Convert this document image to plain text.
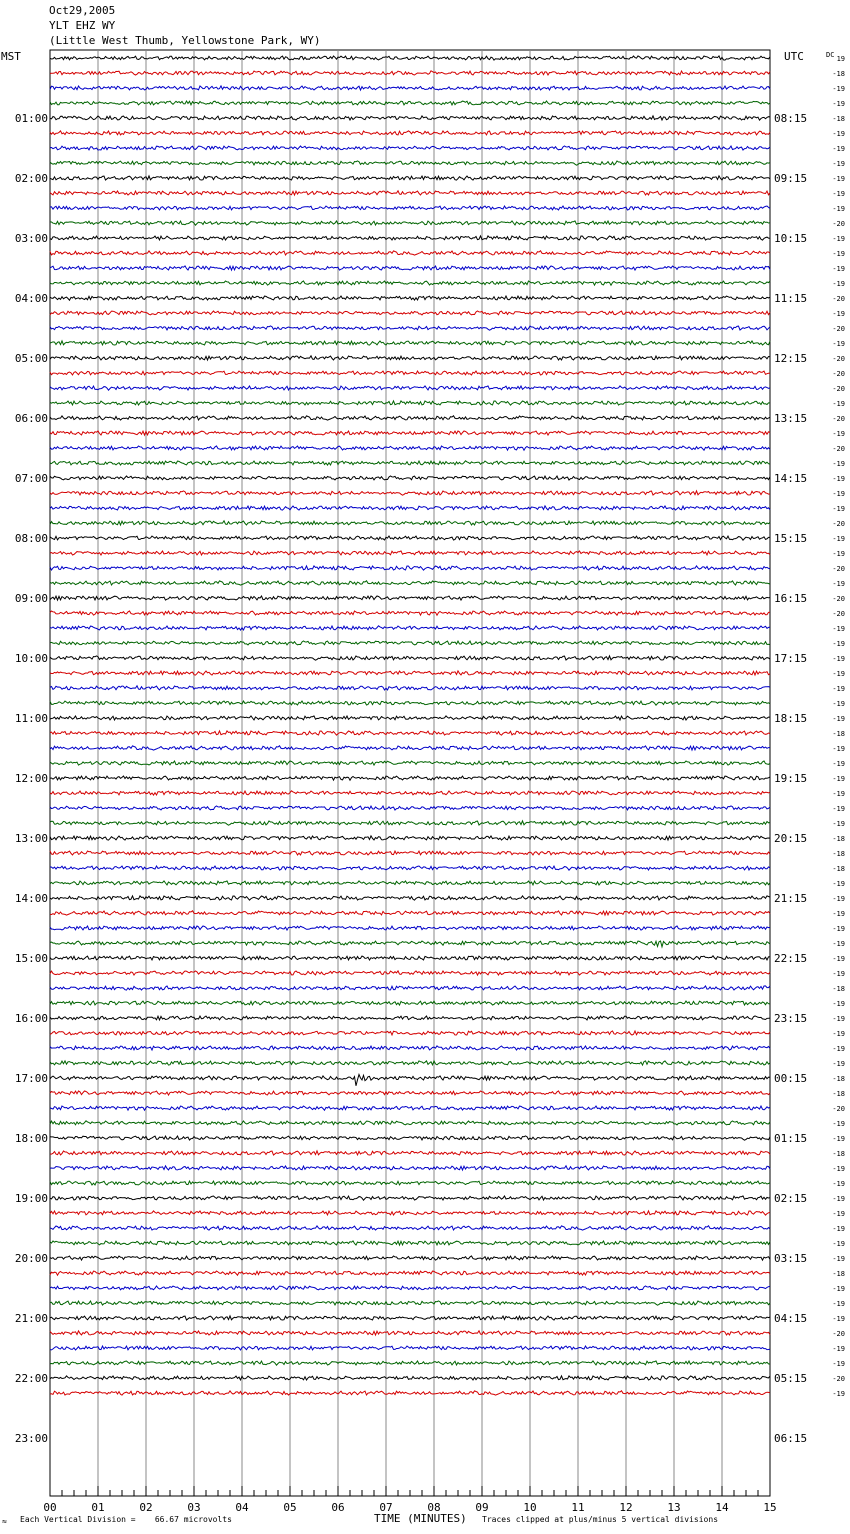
Oct29,2005
YLT EHZ WY
(Little West Thumb, Yellowstone Park, WY)
MST	UTC
01:00
02:00
03:00
04:00
05:00
06:00
07:00
08:00
09:00
10:00
11:00
12:00
13:00
14:00
15:00
16:00
17:00
18:00
19:00
20:00
21:00
22:00
23:00
08:15
09:15
10:15
11:15
12:15
13:15
14:15
15:15
16:15
17:15
18:15
19:15
20:15
21:15
22:15
23:15
00:15
01:15
02:15
03:15
04:15
05:15
06:15
DC 19
-18
-19
-19
-18
-19
-19
-19
-19
-19
-19
-20
-19
-19
-19
-19
-20
-19
-20
-19
-20
-20
-20
-19
-20
-19
-20
-19
-19
-19
-19
-20
-19
-19
-20
-19
-20
-20
-19
-19
-19
-19
-19
-19
-19
-18
-19
-19
-19
-19
-19
-19
-18
-18
-18
-19
-19
-19
-19
-19
-19
-19
-18
-19
-19
-19
-19
-19
-18
-18
-20
-19
-19
-18
-19
-19
-19
-19
-19
-19
-19
-18
-19
-19
-19
-20
-19
-19
-20
-19
00	01	02	03	04	05	06	07	08	09	10	11	12	13	14	15
≈ Each Vertical Division =    66.67 microvolts	TIME (MINUTES) Traces clipped at plus/minus 5 vertical divisions
